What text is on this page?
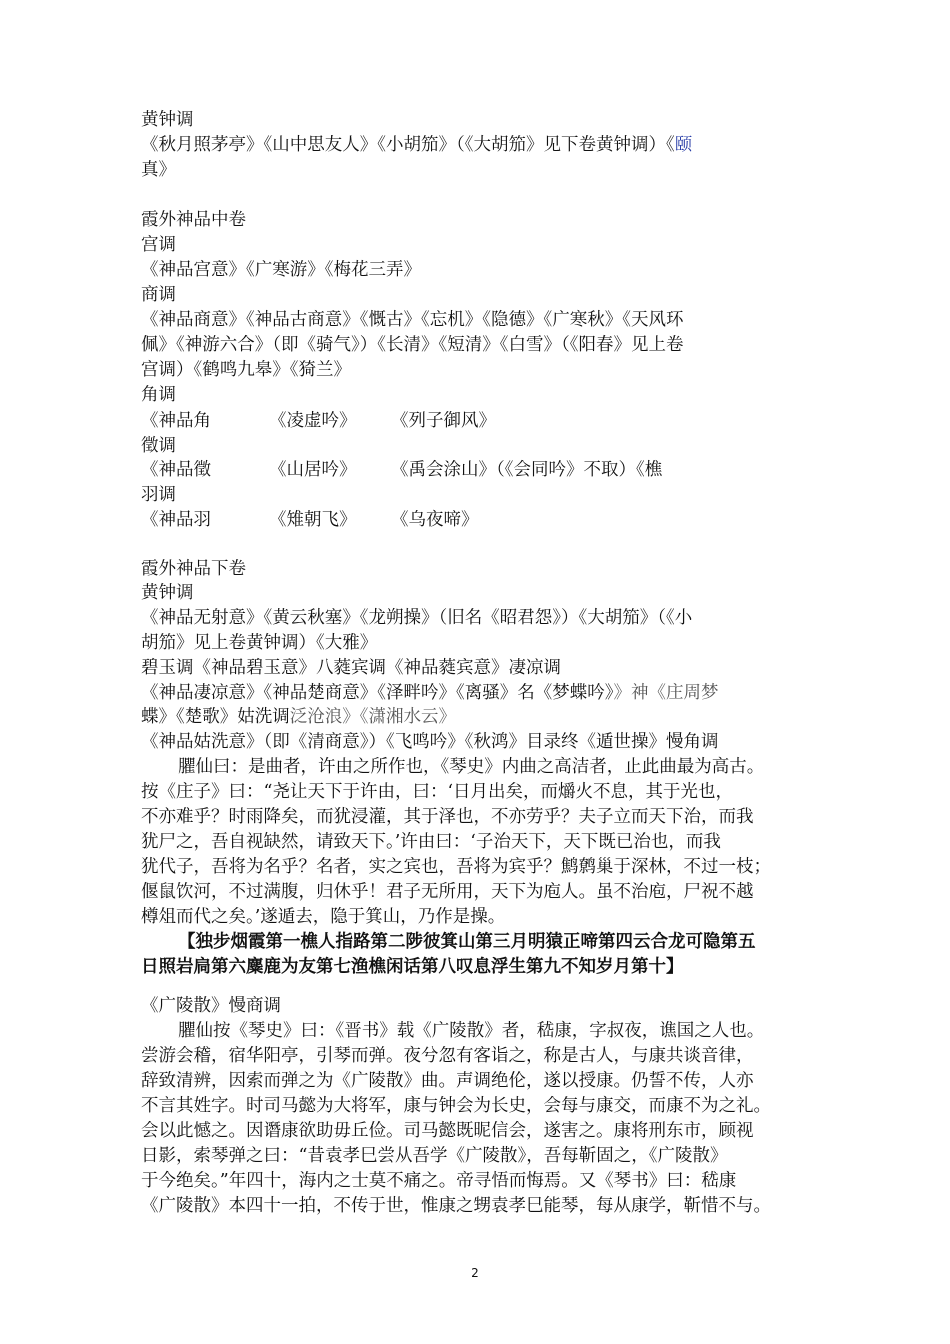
黄钟调
《秋月照茅亭》《山中思友人》《小胡笳》（《大胡笳》见下卷黄钟调）《颐
真》
霞外神品中卷
宫调
《神品宫意》《广寒游》《梅花三弄》
商调
《神品商意》《神品古商意》《慨古》《忘机》《隐德》《广寒秋》《天风环
佩》《神游六合》（即《骑气》）《长清》《短清》《白雪》（《阳春》见上卷
宫调）《鹤鸣九皋》《猗兰》
角调
《神品角	《凌虚吟》 《列子御风》
徵调
《神品徵	《山居吟》 《禹会涂山》（《会同吟》不取）《樵
羽调
《神品羽	《雉朝飞》 《乌夜啼》
霞外神品下卷
黄钟调
《神品无射意》《黄云秋塞》《龙朔操》（旧名《昭君怨》）《大胡笳》（《小
胡笳》见上卷黄钟调）《大雅》
碧玉调《神品碧玉意》八蕤宾调《神品蕤宾意》凄凉调
《神品凄凉意》《神品楚商意》《泽畔吟》《离骚》名《梦蝶吟》》神《庄周梦
蝶》《楚歌》姑洗调泛沧浪》《潇湘水云》
《神品姑洗意》（即《清商意》）《飞鸣吟》《秋鸿》目录终《遁世操》慢角调
臞仙曰：是曲者，许由之所作也，《琴史》内曲之高洁者，止此曲最为高古。
按《庄子》曰：“尧让天下于许由，曰：‘日月出矣，而爝火不息，其于光也，
不亦难乎？时雨降矣，而犹浸灌，其于泽也，不亦劳乎？夫子立而天下治，而我
犹尸之，吾自视缺然，请致天下。’许由曰：‘子治天下，天下既已治也，而我
犹代子，吾将为名乎？名者，实之宾也，吾将为宾乎？鹪鹩巢于深林，不过一枝；
偃鼠饮河，不过满腹，归休乎！君子无所用，天下为庖人。虽不治庖，尸祝不越
樽俎而代之矣。’遂遁去，隐于箕山，乃作是操。
【独步烟霞第一樵人指路第二陟彼箕山第三月明猿正啼第四云合龙可隐第五
日照岩扃第六麋鹿为友第七渔樵闲话第八叹息浮生第九不知岁月第十】
《广陵散》慢商调
臞仙按《琴史》曰：《晋书》载《广陵散》者，嵇康，字叔夜，谯国之人也。
尝游会稽，宿华阳亭，引琴而弹。夜兮忽有客诣之，称是古人，与康共谈音律，
辞致清辨，因索而弹之为《广陵散》曲。声调绝伦，遂以授康。仍誓不传，人亦
不言其姓字。时司马懿为大将军，康与钟会为长史，会每与康交，而康不为之礼。
会以此憾之。因谮康欲助毋丘俭。司马懿既昵信会，遂害之。康将刑东市，顾视
日影，索琴弹之曰：“昔袁孝巳尝从吾学《广陵散》，吾每靳固之，《广陵散》
于今绝矣。”年四十，海内之士莫不痛之。帝寻悟而悔焉。又《琴书》曰：嵇康
《广陵散》本四十一拍，不传于世，惟康之甥袁孝巳能琴，每从康学，靳惜不与。
2
